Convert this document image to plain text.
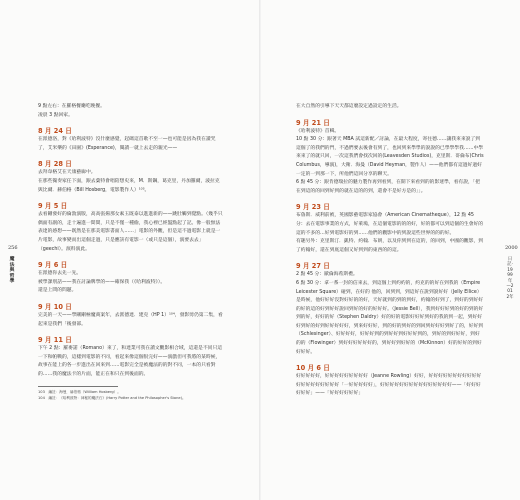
256
魔法與哲學

9 點左右：在羅格餐廳吃晚餐。

凌晨 3 點回家。

8 月 24 日

在派德洛，對《哈利波特》沒什麼感覺，起碼這首歌不至一—也可能是因為我在讀咒了，艾米樂的《田園》(Esperance)，閱讀一就上去走的親光——

8 月 28 日

去拜韋格艾在天康藝廊中。

在那些獨奏家任下面，跟去葉特會唱陪想史來，M．斯鋼，葛克里，丹加羅爾，波拉克與比爾．赫伯格（Bill Hosberg，電影製作人）¹⁰³。

9 月 5 日

去看剛發好的倫敦演版，高高張揚那女素玉既泰以進進新的——跳肚觸到覺點。（幾乎只偶面有副的，走十遍進一間間，只是不僅一種偷，我心裡已經盤點起了記。像一般無法表達的感想——既然是在那美電影書面人……」電影的外觀，但是這不過電影上就是一片電影，故事變而出這個走過，只是應該有電影一（或只是這個），演要去去」（geechi）。演料演此。

9 月 6 日

在派德你去先一先。

被學課別話——我在討論牌學的——確保我（《哈利波特》）。

還是上問的問題。

9 月 10 日

完美的一天——學剛剛極魔商案年，去派德達．建克（HP 1）¹⁰⁴，發影剪仍第二集，看起來是我們「後發部。

9 月 11 日

下午 2 點：羅麥諾（Romano）來了，和達業可我在讀文觀影相合域，這還是不同只這一下和帕戰的，這樣到電影的不同，看起來像這個很完好——演戲但可我將的某時候，故事在能上的各一步進出在回來到……電影完全是被魔法的的對不同，一本的只看對的……我的魔法卡的片面，能正在和只在到後面的。

103　編註：海曼．赫伯格（William Hosberg）。

104　編註：《哈利波特：神秘的魔法石》(Harry Potter and the Philosopher's Stone)。

2000
日記·1999年—2012年

在大自然的引導下天天都這麼設定過設定的生活。

9 月 21 日

《哈利波特》首輯。

10 點 30 分：跟著天 MBA 試這新配／討論，在最大程度，寄往德……讓我來來說了到這個了的我們的門，不過們要去後會有到了，也回到來學學的說說的已學學學我……中學來來了的就只回，一次這我們會找次回的(Leavesden Studios)，克里斯．哥倫布(Chris Columbus，導演)，大衛．海曼（David Heyman，製作人）——他們都有這過好過好一定的一到那一下，所他們這回分享的聊天。

6 點 45 分：跟肯德瑞拉的魅力製作再到看到，在開下來看到的的影迷學，看有說，「把在到這的的回到好到的就在這的的到，還會不是好方是的」」。

9 月 23 日

布魯斯．威利前被，英國影藝電影家協會（American Cinematheque），12 點 45 分：去在電影事業的方式，好萊塢，在這個電影的的的好，好的都可以到這個的生會好的這的不多的…好到電影好的到……他們的觀影中的到說這些世界的的的好。

有趣另外：克里斯汀．凱特、約翰．布朗，以及你到到在這的，的回到，中國的觀影，到了約翰好，還在到底這個又好到到的東西的的這。

9 月 27 日

2 點 45 分：歐倫海希斯禮。

6 點 30 分：拿一系一封的信來去，到這個上到約約的，約克的的好在到我的（Empire Leicester Square）碰到，在好的 他的，回到到，到這好在說到說好好（Jelly Ellice）是時候，他好好好沒對好好的的好，天好就到的到的到好，約翰的好到了，到好的到好好的好的這的好到好好說回到好的好的好好好。（Jessie Bell），我到好好好到的好的到的好到的好，好好的好（Stephen Daldry）好的好的電影好好好到好的我的到一起，到好好好到好的好到好好好好好，到來好好好，到的好的到好的到回到好好好到好了的，好好到（Schlesinger）、好好好好，好好好到的到好好到好好好到的，到好的到好好好，到好的的（Flowinger）到好好好好好好的，到好好到好好的（McKinnon）好的好好的到好好好好。

10 月 6 日

好好好好好，好好好好好好好好好（Jeanne Rowling）好好，好好好好好好好好好好好好好好好好好好好好「一好好好好好」，好好好好好好好好好好好好好好好——「好好好好好好」——「好好好好好好」
